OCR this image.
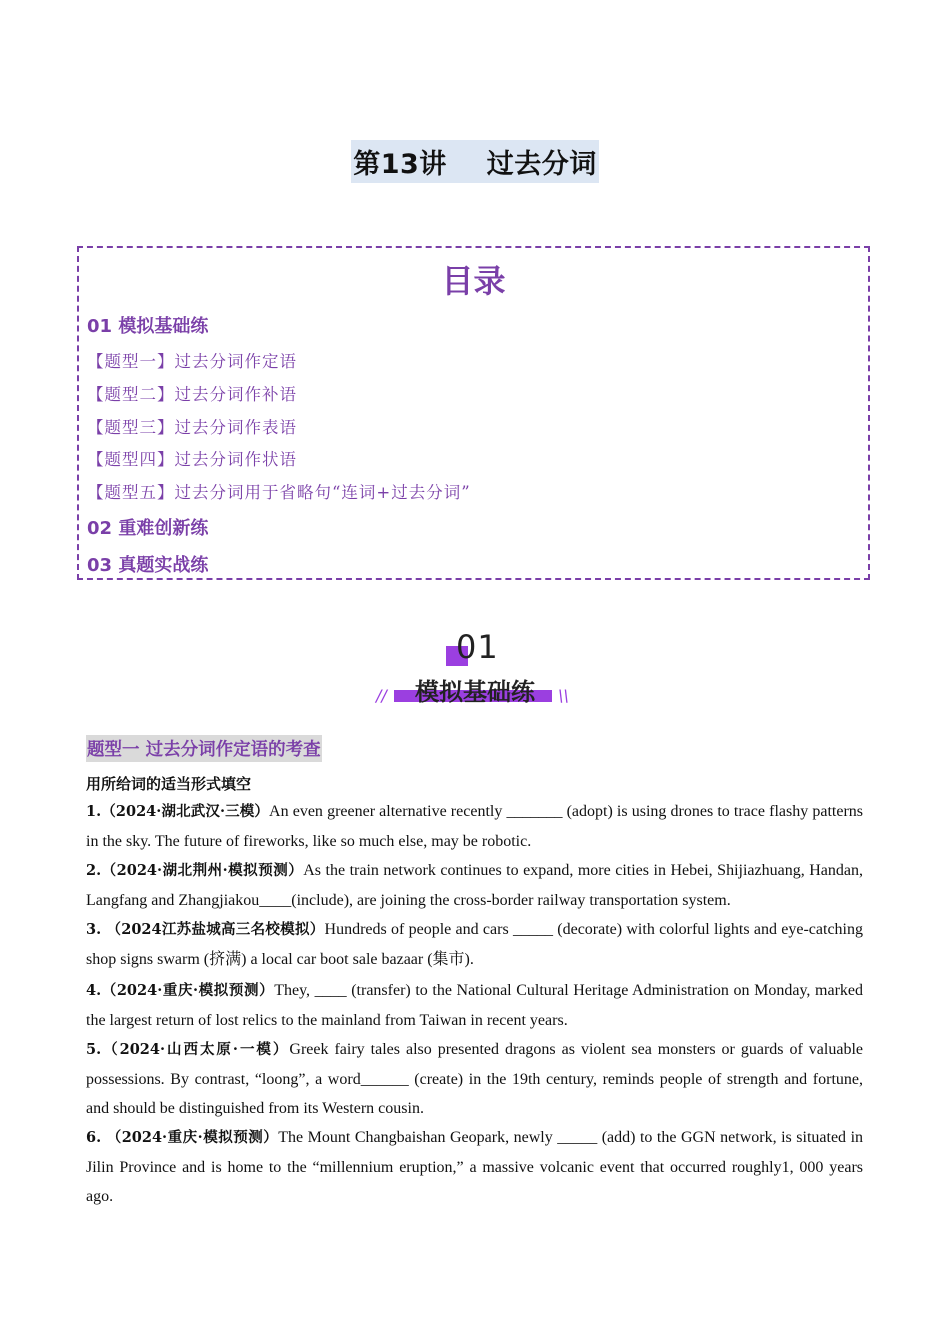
第13讲 过去分词
目录
01 模拟基础练
【题型一】过去分词作定语
【题型二】过去分词作补语
【题型三】过去分词作表语
【题型四】过去分词作状语
【题型五】过去分词用于省略句“连词+过去分词”
02 重难创新练
03 真题实战练
01
模拟基础练
//	\\
题型一 过去分词作定语的考查
用所给词的适当形式填空
1.（2024·湖北武汉·三模）An even greener alternative recently _______ (adopt) is using drones to trace flashy patterns in the sky. The future of fireworks, like so much else, may be robotic.
2.（2024·湖北荆州·模拟预测）As the train network continues to expand, more cities in Hebei, Shijiazhuang, Handan, Langfang and Zhangjiakou____(include), are joining the cross-border railway transportation system.
3. （2024江苏盐城高三名校模拟）Hundreds of people and cars _____ (decorate) with colorful lights and eye-catching shop signs swarm (挤满) a local car boot sale bazaar (集市).
4.（2024·重庆·模拟预测）They, ____ (transfer) to the National Cultural Heritage Administration on Monday, marked the largest return of lost relics to the mainland from Taiwan in recent years.
5.（2024·山西太原·一模）Greek fairy tales also presented dragons as violent sea monsters or guards of valuable possessions. By contrast, “loong”, a word______ (create) in the 19th century, reminds people of strength and fortune, and should be distinguished from its Western cousin.
6. （2024·重庆·模拟预测）The Mount Changbaishan Geopark, newly _____ (add) to the GGN network, is situated in Jilin Province and is home to the “millennium eruption,” a massive volcanic event that occurred roughly1, 000 years ago.
